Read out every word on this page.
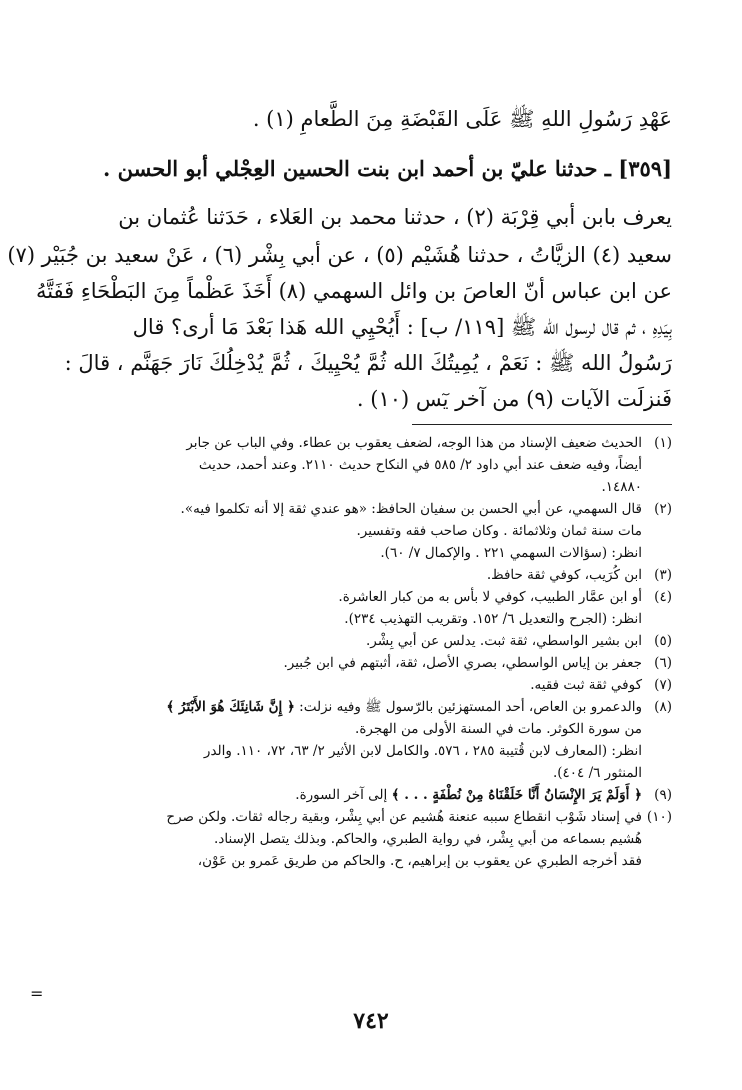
عَهْدِ رَسُولِ اللهِ ﷺ عَلَى القَبْضَةِ مِنَ الطَّعامِ (١) .
[٣٥٩] ـ حدثنا عليّ بن أحمد ابن بنت الحسين العِجْلي أبو الحسن .
يعرف بابن أبي قِرْبَة (٢) ، حدثنا محمد بن العَلاء ، حَدَثنا عُثمان بن
سعيد (٤) الزيَّاتُ ، حدثنا هُشَيْم (٥) ، عن أبي بِشْر (٦) ، عَنْ سعيد بن جُبَيْر (٧)
عن ابن عباس أنّ العاصَ بن وائل السهمي (٨) أَخَذَ عَظْماً مِنَ البَطْحَاءِ فَفَتَّهُ
بِيَدِهِ ، ثم قال لرسول الله ﷺ [١١٩/ ب] : أَيُحْيِي الله هَذا بَعْدَ مَا أرى؟ قال
رَسُولُ الله ﷺ : نَعَمْ ، يُمِيتُكَ الله ثُمَّ يُحْيِيكَ ، ثُمَّ يُدْخِلُكَ نَارَ جَهَنَّم ، قالَ :
فَنزلَت الآيات (٩) من آخر يٓس (١٠) .
(١)الحديث ضعيف الإسناد من هذا الوجه، لضعف يعقوب بن عطاء. وفي الباب عن جابر
أيضاً، وفيه ضعف عند أبي داود ٢/ ٥٨٥ في النكاح حديث ٢١١٠. وعند أحمد، حديث
١٤٨٨٠.
(٢)قال السهمي، عن أبي الحسن بن سفيان الحافظ: «هو عندي ثقة إلا أنه تكلموا فيه».
مات سنة ثمان وثلاثمائة . وكان صاحب فقه وتفسير.
انظر: (سؤالات السهمي ٢٢١ . والإكمال ٧/ ٦٠).
(٣)ابن كُرَيب، كوفي ثقة حافظ.
(٤)أو ابن عمَّار الطبيب، كوفي لا بأس به من كبار العاشرة.
انظر: (الجرح والتعديل ٦/ ١٥٢. وتقريب التهذيب ٢٣٤).
(٥)ابن بشير الواسطي، ثقة ثبت. يدلس عن أبي بِشْر.
(٦)جعفر بن إياس الواسطي، بصري الأصل، ثقة، أثبتهم في ابن جُبير.
(٧)كوفي ثقة ثبت فقيه.
(٨)والدعمرو بن العاص، أحد المستهزئين بالرّسول ﷺ وفيه نزلت: ﴿ إِنَّ شَانِئَكَ هُوَ الأَبْتَرُ ﴾
من سورة الكوثر. مات في السنة الأولى من الهجرة.
انظر: (المعارف لابن قُتيبة ٢٨٥ ، ٥٧٦. والكامل لابن الأثير ٢/ ٦٣، ٧٢، ١١٠. والدر
المنثور ٦/ ٤٠٤).
(٩)﴿ أَوَلَمْ يَرَ الإِنْسَانُ أَنَّا خَلَقْنَاهُ مِنْ نُطْفَةٍ . . . ﴾ إلى آخر السورة.
(١٠)في إسناد شَوْب انقطاع سببه عنعنة هُشيم عن أبي بِشْر، وبقية رجاله ثقات. ولكن صرح
هُشيم بسماعه من أبي بِشْر، في رواية الطبري، والحاكم. وبذلك يتصل الإسناد.
فقد أخرجه الطبري عن يعقوب بن إبراهيم، ح. والحاكم من طريق عَمرو بن عَوْن،
=
٧٤٢
